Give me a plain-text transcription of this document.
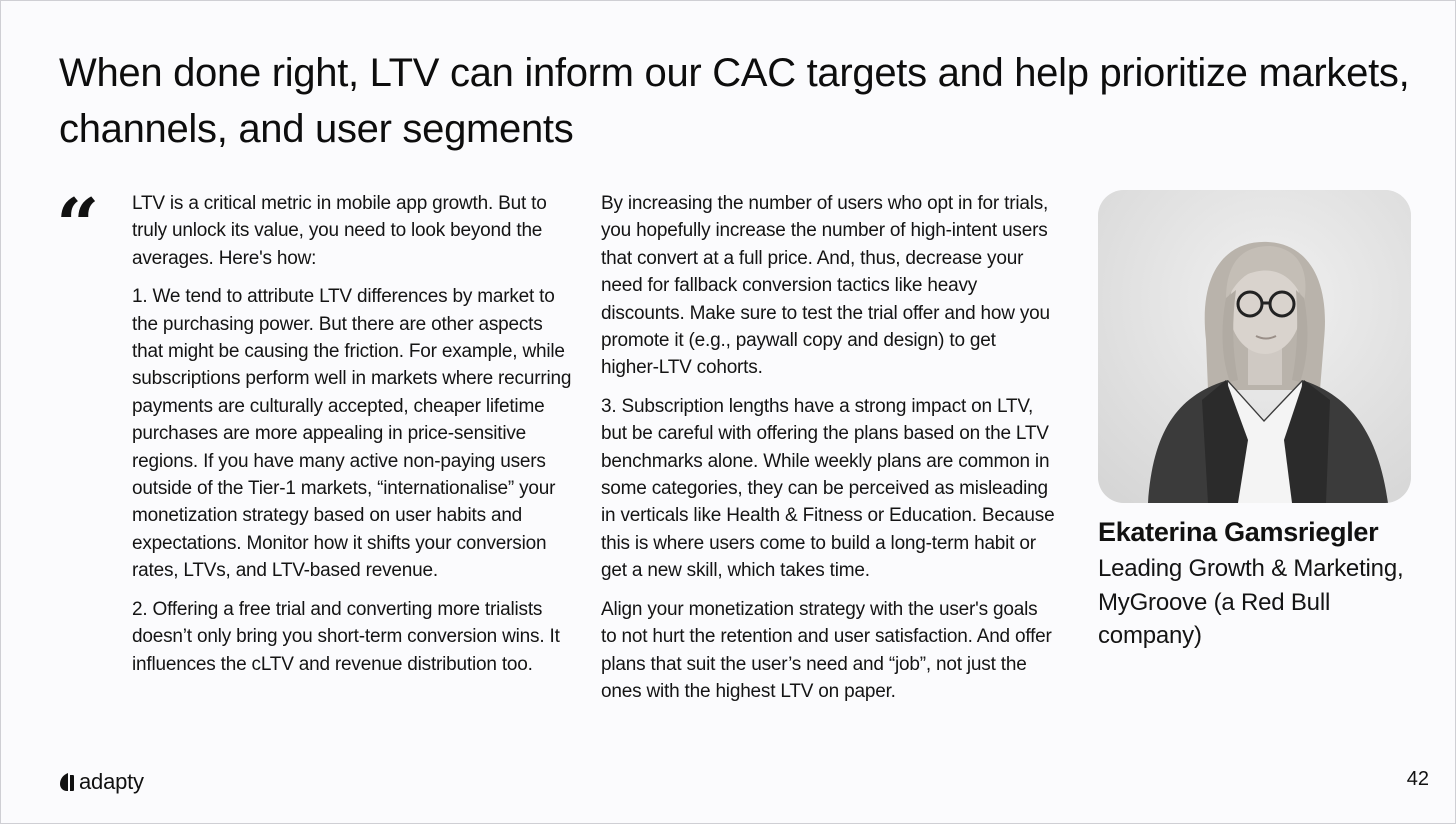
When done right, LTV can inform our CAC targets and help prioritize markets, channels, and user segments
“ LTV is a critical metric in mobile app growth. But to truly unlock its value, you need to look beyond the averages. Here's how:

1. We tend to attribute LTV differences by market to the purchasing power. But there are other aspects that might be causing the friction. For example, while subscriptions perform well in markets where recurring payments are culturally accepted, cheaper lifetime purchases are more appealing in price-sensitive regions. If you have many active non-paying users outside of the Tier-1 markets, “internationalise” your monetization strategy based on user habits and expectations. Monitor how it shifts your conversion rates, LTVs, and LTV-based revenue.

2. Offering a free trial and converting more trialists doesn’t only bring you short-term conversion wins. It influences the cLTV and revenue distribution too.

By increasing the number of users who opt in for trials, you hopefully increase the number of high-intent users that convert at a full price. And, thus, decrease your need for fallback conversion tactics like heavy discounts. Make sure to test the trial offer and how you promote it (e.g., paywall copy and design) to get higher-LTV cohorts.

3. Subscription lengths have a strong impact on LTV, but be careful with offering the plans based on the LTV benchmarks alone. While weekly plans are common in some categories, they can be perceived as misleading in verticals like Health & Fitness or Education. Because this is where users come to build a long-term habit or get a new skill, which takes time.

Align your monetization strategy with the user's goals to not hurt the retention and user satisfaction. And offer plans that suit the user’s need and “job”, not just the ones with the highest LTV on paper.

Ekaterina Gamsriegler
Leading Growth & Marketing, MyGroove (a Red Bull company)
adapty	42
